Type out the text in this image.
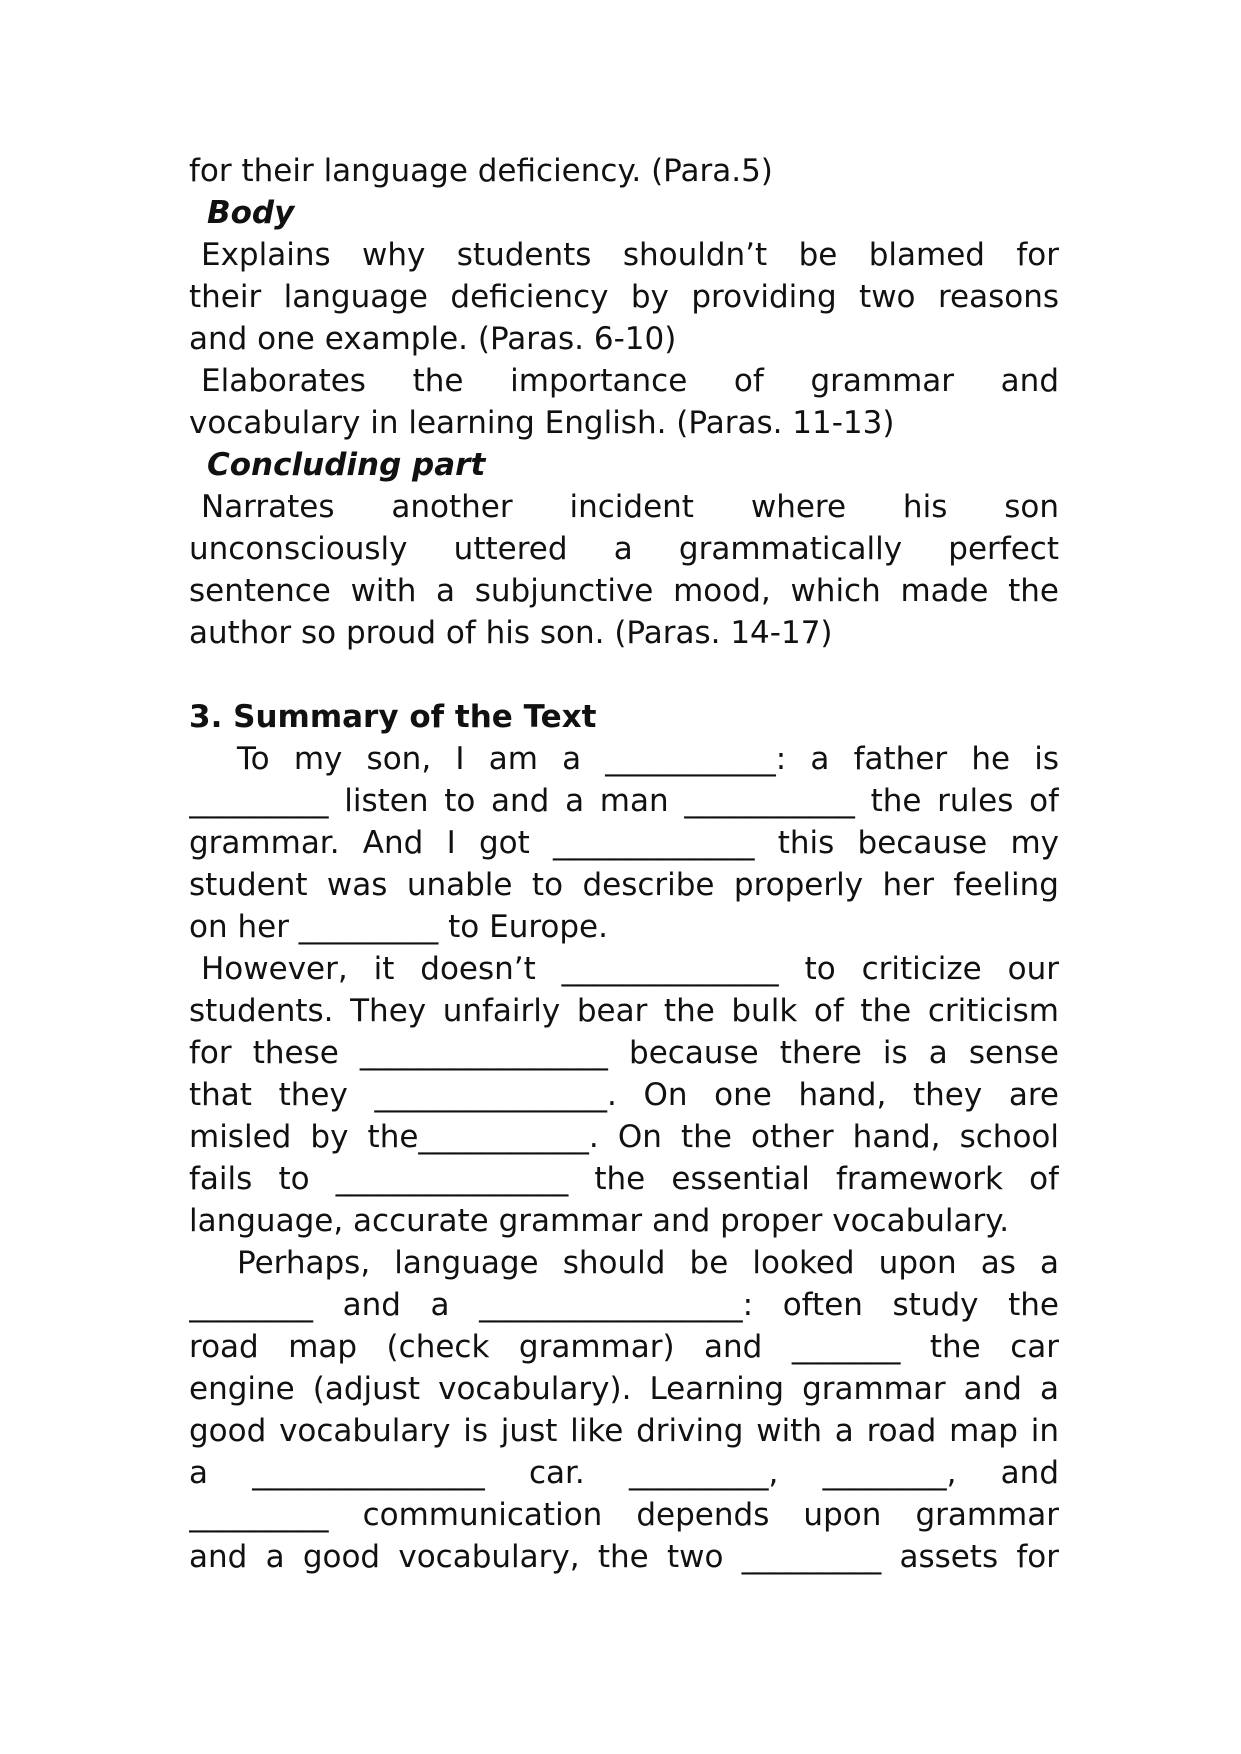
for their language deficiency. (Para.5)
Body
Explains why students shouldn’t be blamed for
their language deficiency by providing two reasons
and one example. (Paras. 6-10)
Elaborates the importance of grammar and
vocabulary in learning English. (Paras. 11-13)
Concluding part
Narrates another incident where his son
unconsciously uttered a grammatically perfect
sentence with a subjunctive mood, which made the
author so proud of his son. (Paras. 14-17)
3. Summary of the Text
To my son, I am a ___________: a father he is
_________ listen to and a man ___________ the rules of
grammar. And I got _____________ this because my
student was unable to describe properly her feeling
on her _________ to Europe.
However, it doesn’t ______________ to criticize our
students. They unfairly bear the bulk of the criticism
for these ________________ because there is a sense
that they _______________. On one hand, they are
misled by the___________. On the other hand, school
fails to _______________ the essential framework of
language, accurate grammar and proper vocabulary.
Perhaps, language should be looked upon as a
________ and a _________________: often study the
road map (check grammar) and _______ the car
engine (adjust vocabulary). Learning grammar and a
good vocabulary is just like driving with a road map in
a _______________ car. _________, ________, and
_________ communication depends upon grammar
and a good vocabulary, the two _________ assets for
